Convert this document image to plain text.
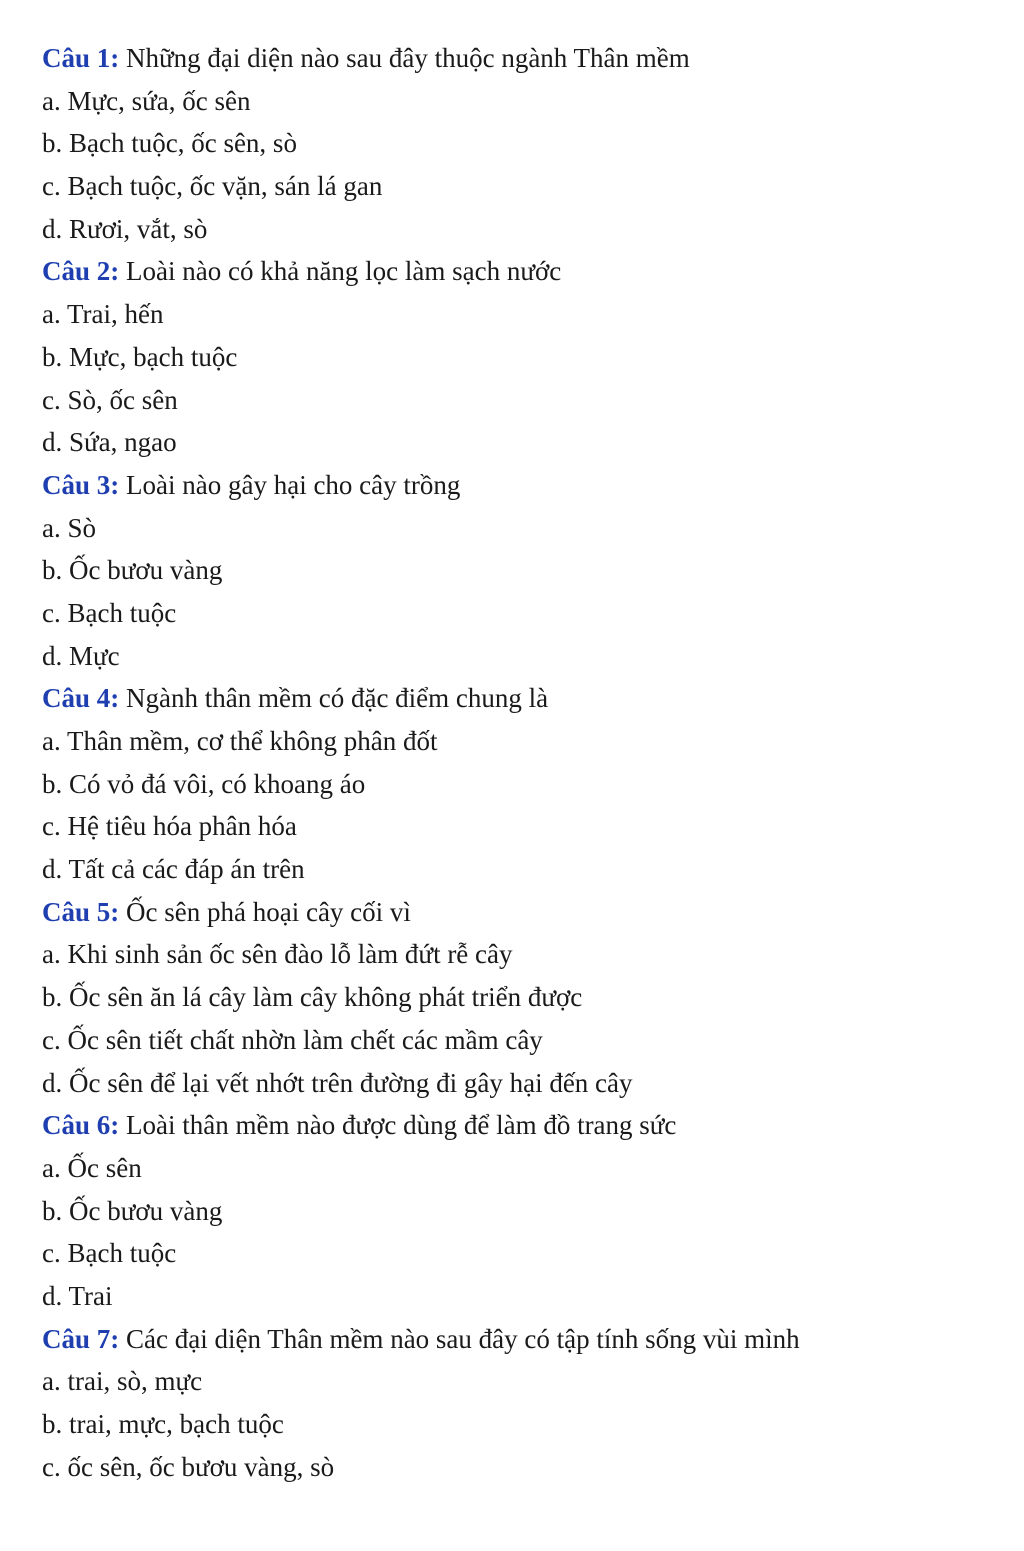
Câu 1: Những đại diện nào sau đây thuộc ngành Thân mềm
a. Mực, sứa, ốc sên
b. Bạch tuộc, ốc sên, sò
c. Bạch tuộc, ốc vặn, sán lá gan
d. Rươi, vắt, sò
Câu 2: Loài nào có khả năng lọc làm sạch nước
a. Trai, hến
b. Mực, bạch tuộc
c. Sò, ốc sên
d. Sứa, ngao
Câu 3: Loài nào gây hại cho cây trồng
a. Sò
b. Ốc bươu vàng
c. Bạch tuộc
d. Mực
Câu 4: Ngành thân mềm có đặc điểm chung là
a. Thân mềm, cơ thể không phân đốt
b. Có vỏ đá vôi, có khoang áo
c. Hệ tiêu hóa phân hóa
d. Tất cả các đáp án trên
Câu 5: Ốc sên phá hoại cây cối vì
a. Khi sinh sản ốc sên đào lỗ làm đứt rễ cây
b. Ốc sên ăn lá cây làm cây không phát triển được
c. Ốc sên tiết chất nhờn làm chết các mầm cây
d. Ốc sên để lại vết nhớt trên đường đi gây hại đến cây
Câu 6: Loài thân mềm nào được dùng để làm đồ trang sức
a. Ốc sên
b. Ốc bươu vàng
c. Bạch tuộc
d. Trai
Câu 7: Các đại diện Thân mềm nào sau đây có tập tính sống vùi mình
a. trai, sò, mực
b. trai, mực, bạch tuộc
c. ốc sên, ốc bươu vàng, sò
